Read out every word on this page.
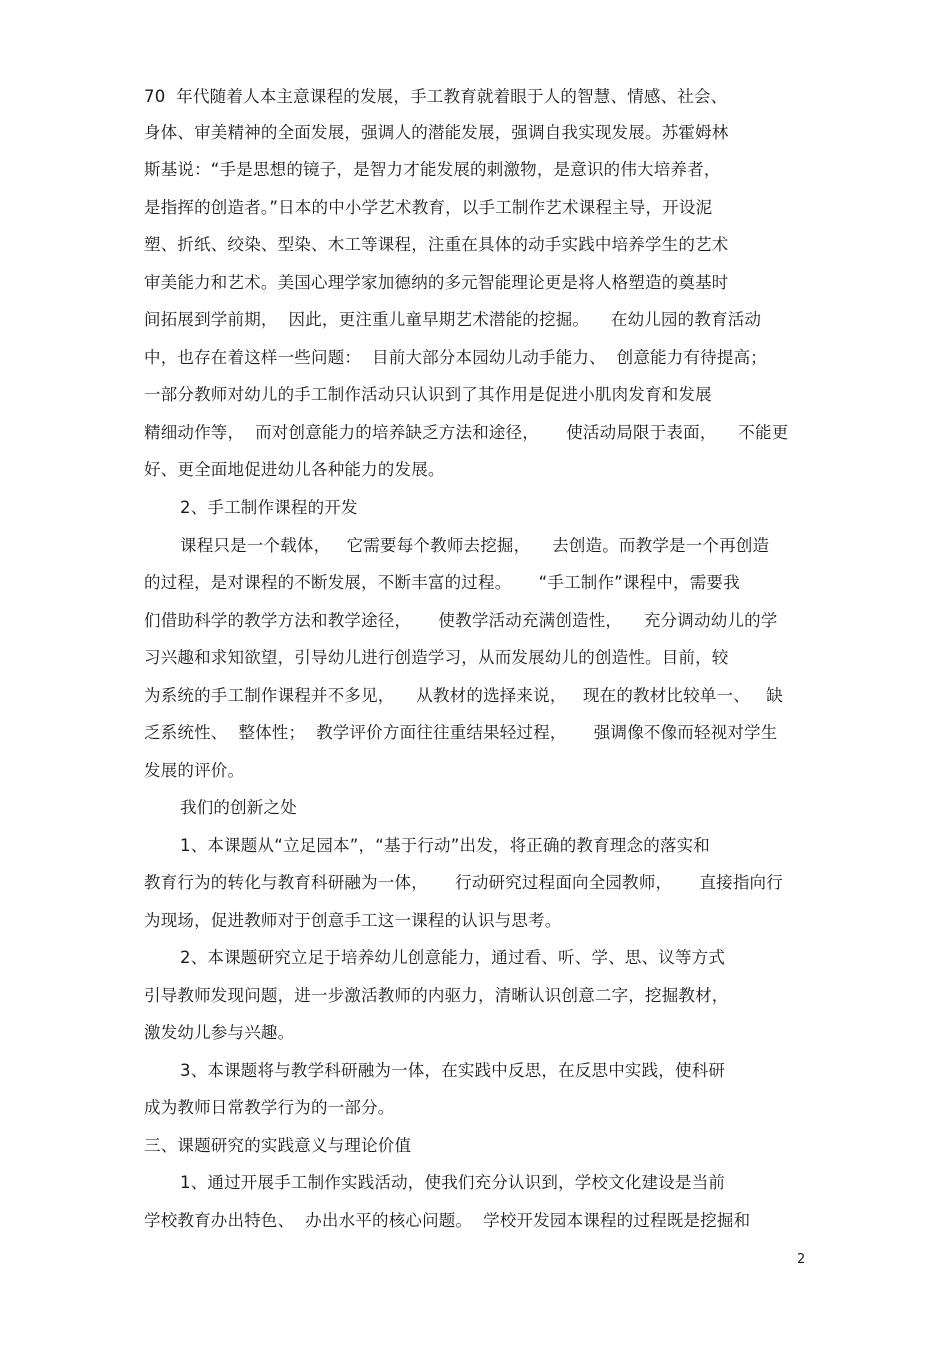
70  年代随着人本主意课程的发展，手工教育就着眼于人的智慧、情感、社会、
身体、审美精神的全面发展，强调人的潜能发展，强调自我实现发展。苏霍姆林
斯基说：“手是思想的镜子，是智力才能发展的刺激物，是意识的伟大培养者，
是指挥的创造者。”日本的中小学艺术教育，以手工制作艺术课程主导，开设泥
塑、折纸、绞染、型染、木工等课程，注重在具体的动手实践中培养学生的艺术
审美能力和艺术。美国心理学家加德纳的多元智能理论更是将人格塑造的奠基时
间拓展到学前期，  因此，更注重儿童早期艺术潜能的挖掘。    在幼儿园的教育活动
中，也存在着这样一些问题：  目前大部分本园幼儿动手能力、  创意能力有待提高；
一部分教师对幼儿的手工制作活动只认识到了其作用是促进小肌肉发育和发展
精细动作等，  而对创意能力的培养缺乏方法和途径，     使活动局限于表面，    不能更
好、更全面地促进幼儿各种能力的发展。
2、手工制作课程的开发
课程只是一个载体，   它需要每个教师去挖掘，    去创造。而教学是一个再创造
的过程，是对课程的不断发展，不断丰富的过程。     “手工制作”课程中，需要我
们借助科学的教学方法和教学途径，     使教学活动充满创造性，    充分调动幼儿的学
习兴趣和求知欲望，引导幼儿进行创造学习，从而发展幼儿的创造性。目前，较
为系统的手工制作课程并不多见，    从教材的选择来说，   现在的教材比较单一、   缺
乏系统性、  整体性；  教学评价方面往往重结果轻过程，     强调像不像而轻视对学生
发展的评价。
我们的创新之处
1、本课题从“立足园本”，“基于行动”出发，将正确的教育理念的落实和
教育行为的转化与教育科研融为一体，     行动研究过程面向全园教师，     直接指向行
为现场，促进教师对于创意手工这一课程的认识与思考。
2、本课题研究立足于培养幼儿创意能力，通过看、听、学、思、议等方式
引导教师发现问题，进一步激活教师的内驱力，清晰认识创意二字，挖掘教材，
激发幼儿参与兴趣。
3、本课题将与教学科研融为一体，在实践中反思，在反思中实践，使科研
成为教师日常教学行为的一部分。
三、课题研究的实践意义与理论价值
1、通过开展手工制作实践活动，使我们充分认识到，学校文化建设是当前
学校教育办出特色、  办出水平的核心问题。  学校开发园本课程的过程既是挖掘和
2
